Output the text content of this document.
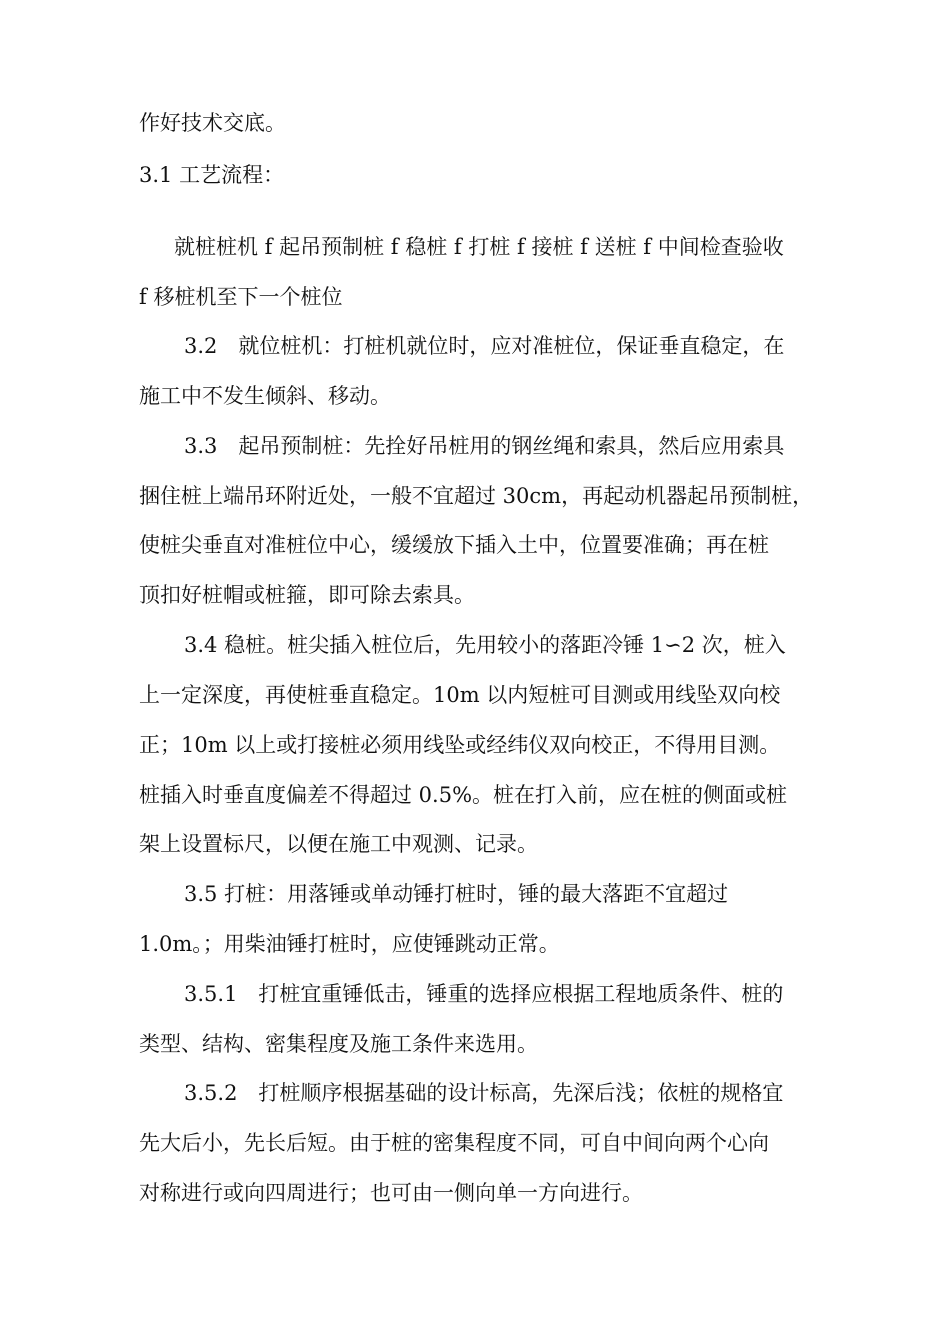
作好技术交底。
3.1 工艺流程：
就桩桩机 f 起吊预制桩 f 稳桩 f 打桩 f 接桩 f 送桩 f 中间检查验收
f 移桩机至下一个桩位
3.2　就位桩机：打桩机就位时，应对准桩位，保证垂直稳定，在
施工中不发生倾斜、移动。
3.3　起吊预制桩：先拴好吊桩用的钢丝绳和索具，然后应用索具
捆住桩上端吊环附近处，一般不宜超过 30cm，再起动机器起吊预制桩，
使桩尖垂直对准桩位中心，缓缓放下插入土中，位置要准确；再在桩
顶扣好桩帽或桩箍，即可除去索具。
3.4 稳桩。桩尖插入桩位后，先用较小的落距冷锤 1∽2 次，桩入
上一定深度，再使桩垂直稳定。10m 以内短桩可目测或用线坠双向校
正；10m 以上或打接桩必须用线坠或经纬仪双向校正，不得用目测。
桩插入时垂直度偏差不得超过 0.5%。桩在打入前，应在桩的侧面或桩
架上设置标尺，以便在施工中观测、记录。
3.5 打桩：用落锤或单动锤打桩时，锤的最大落距不宜超过
1.0m。；用柴油锤打桩时，应使锤跳动正常。
3.5.1　打桩宜重锤低击，锤重的选择应根据工程地质条件、桩的
类型、结构、密集程度及施工条件来选用。
3.5.2　打桩顺序根据基础的设计标高，先深后浅；依桩的规格宜
先大后小，先长后短。由于桩的密集程度不同，可自中间向两个心向
对称进行或向四周进行；也可由一侧向单一方向进行。
